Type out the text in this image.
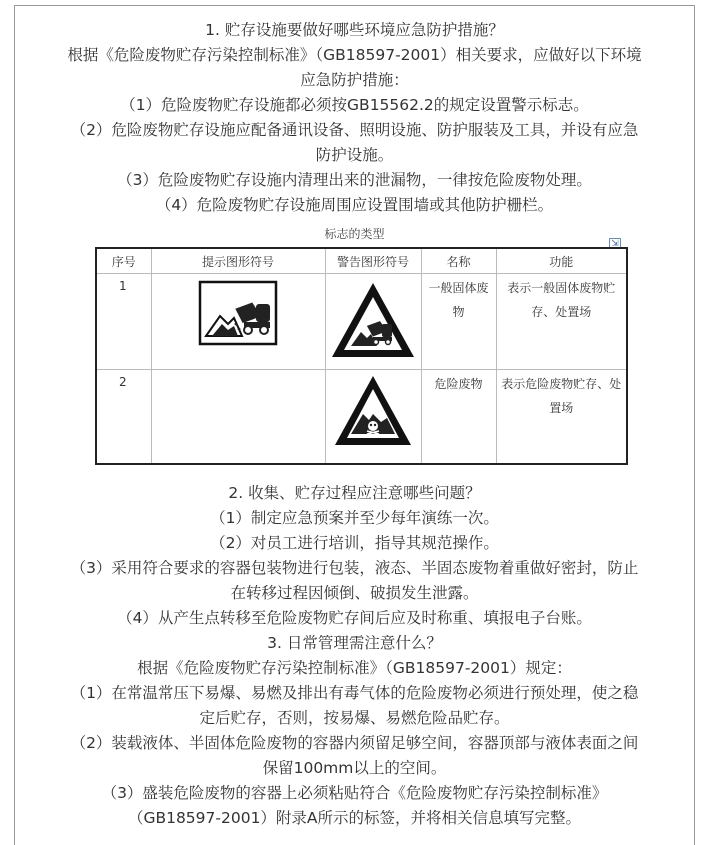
1. 贮存设施要做好哪些环境应急防护措施？

根据《危险废物贮存污染控制标准》（GB18597-2001）相关要求，应做好以下环境

应急防护措施：

（1）危险废物贮存设施都必须按GB15562.2的规定设置警示标志。

（2）危险废物贮存设施应配备通讯设备、照明设施、防护服装及工具，并设有应急

防护设施。

（3）危险废物贮存设施内清理出来的泄漏物，一律按危险废物处理。

（4）危险废物贮存设施周围应设置围墙或其他防护栅栏。

标志的类型
⇲
序号	提示图形符号	警告图形符号	名称	功能
1			一般固体废物	表示一般固体废物贮存、处置场

2			危险废物	表示危险废物贮存、处置场

2. 收集、贮存过程应注意哪些问题？

（1）制定应急预案并至少每年演练一次。

（2）对员工进行培训，指导其规范操作。

（3）采用符合要求的容器包装物进行包装，液态、半固态废物着重做好密封，防止

在转移过程因倾倒、破损发生泄露。

（4）从产生点转移至危险废物贮存间后应及时称重、填报电子台账。

3. 日常管理需注意什么？

根据《危险废物贮存污染控制标准》（GB18597-2001）规定：

（1）在常温常压下易爆、易燃及排出有毒气体的危险废物必须进行预处理，使之稳

定后贮存，否则，按易爆、易燃危险品贮存。

（2）装载液体、半固体危险废物的容器内须留足够空间，容器顶部与液体表面之间

保留100mm以上的空间。

（3）盛装危险废物的容器上必须粘贴符合《危险废物贮存污染控制标准》

（GB18597-2001）附录A所示的标签，并将相关信息填写完整。
